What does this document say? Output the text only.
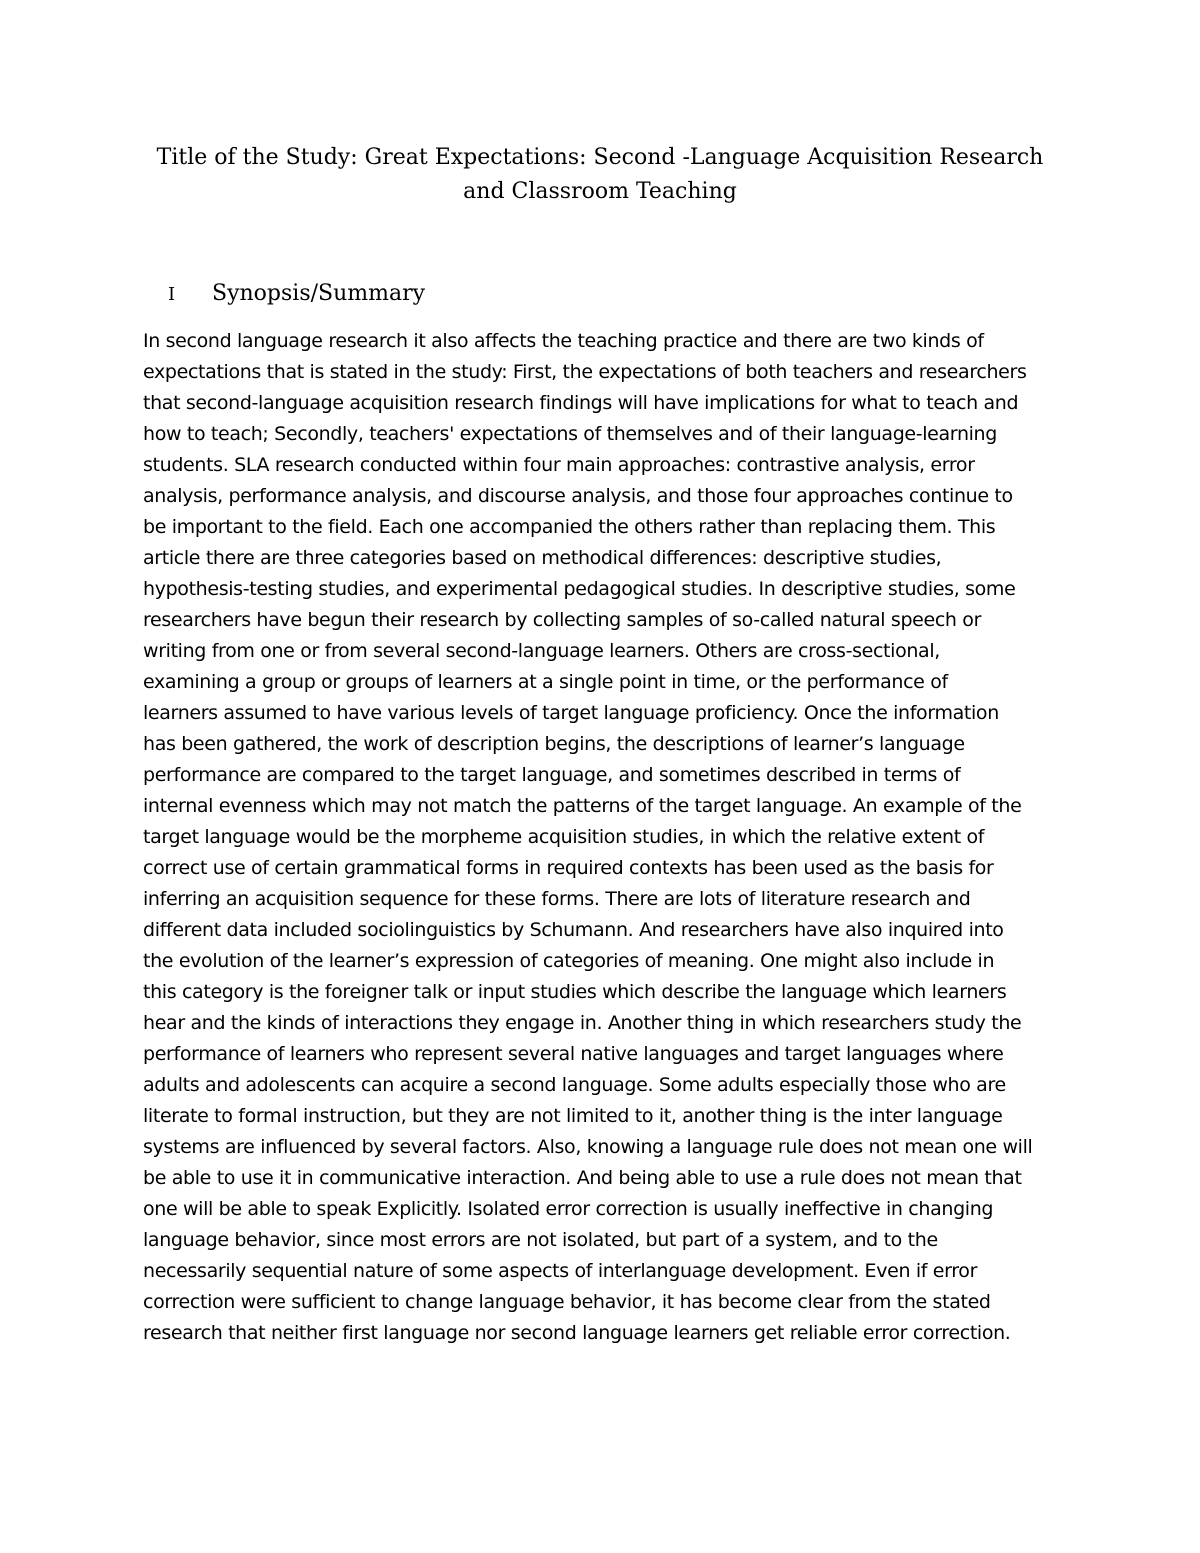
Title of the Study: Great Expectations: Second -Language Acquisition Research
and Classroom Teaching
I Synopsis/Summary
In second language research it also affects the teaching practice and there are two kinds of
expectations that is stated in the study: First, the expectations of both teachers and researchers
that second-language acquisition research findings will have implications for what to teach and
how to teach; Secondly, teachers' expectations of themselves and of their language-learning
students. SLA research conducted within four main approaches: contrastive analysis, error
analysis, performance analysis, and discourse analysis, and those four approaches continue to
be important to the field. Each one accompanied the others rather than replacing them. This
article there are three categories based on methodical differences: descriptive studies,
hypothesis-testing studies, and experimental pedagogical studies. In descriptive studies, some
researchers have begun their research by collecting samples of so-called natural speech or
writing from one or from several second-language learners. Others are cross-sectional,
examining a group or groups of learners at a single point in time, or the performance of
learners assumed to have various levels of target language proficiency. Once the information
has been gathered, the work of description begins, the descriptions of learner’s language
performance are compared to the target language, and sometimes described in terms of
internal evenness which may not match the patterns of the target language. An example of the
target language would be the morpheme acquisition studies, in which the relative extent of
correct use of certain grammatical forms in required contexts has been used as the basis for
inferring an acquisition sequence for these forms. There are lots of literature research and
different data included sociolinguistics by Schumann. And researchers have also inquired into
the evolution of the learner’s expression of categories of meaning. One might also include in
this category is the foreigner talk or input studies which describe the language which learners
hear and the kinds of interactions they engage in. Another thing in which researchers study the
performance of learners who represent several native languages and target languages where
adults and adolescents can acquire a second language. Some adults especially those who are
literate to formal instruction, but they are not limited to it, another thing is the inter language
systems are influenced by several factors. Also, knowing a language rule does not mean one will
be able to use it in communicative interaction. And being able to use a rule does not mean that
one will be able to speak Explicitly. Isolated error correction is usually ineffective in changing
language behavior, since most errors are not isolated, but part of a system, and to the
necessarily sequential nature of some aspects of interlanguage development. Even if error
correction were sufficient to change language behavior, it has become clear from the stated
research that neither first language nor second language learners get reliable error correction.
